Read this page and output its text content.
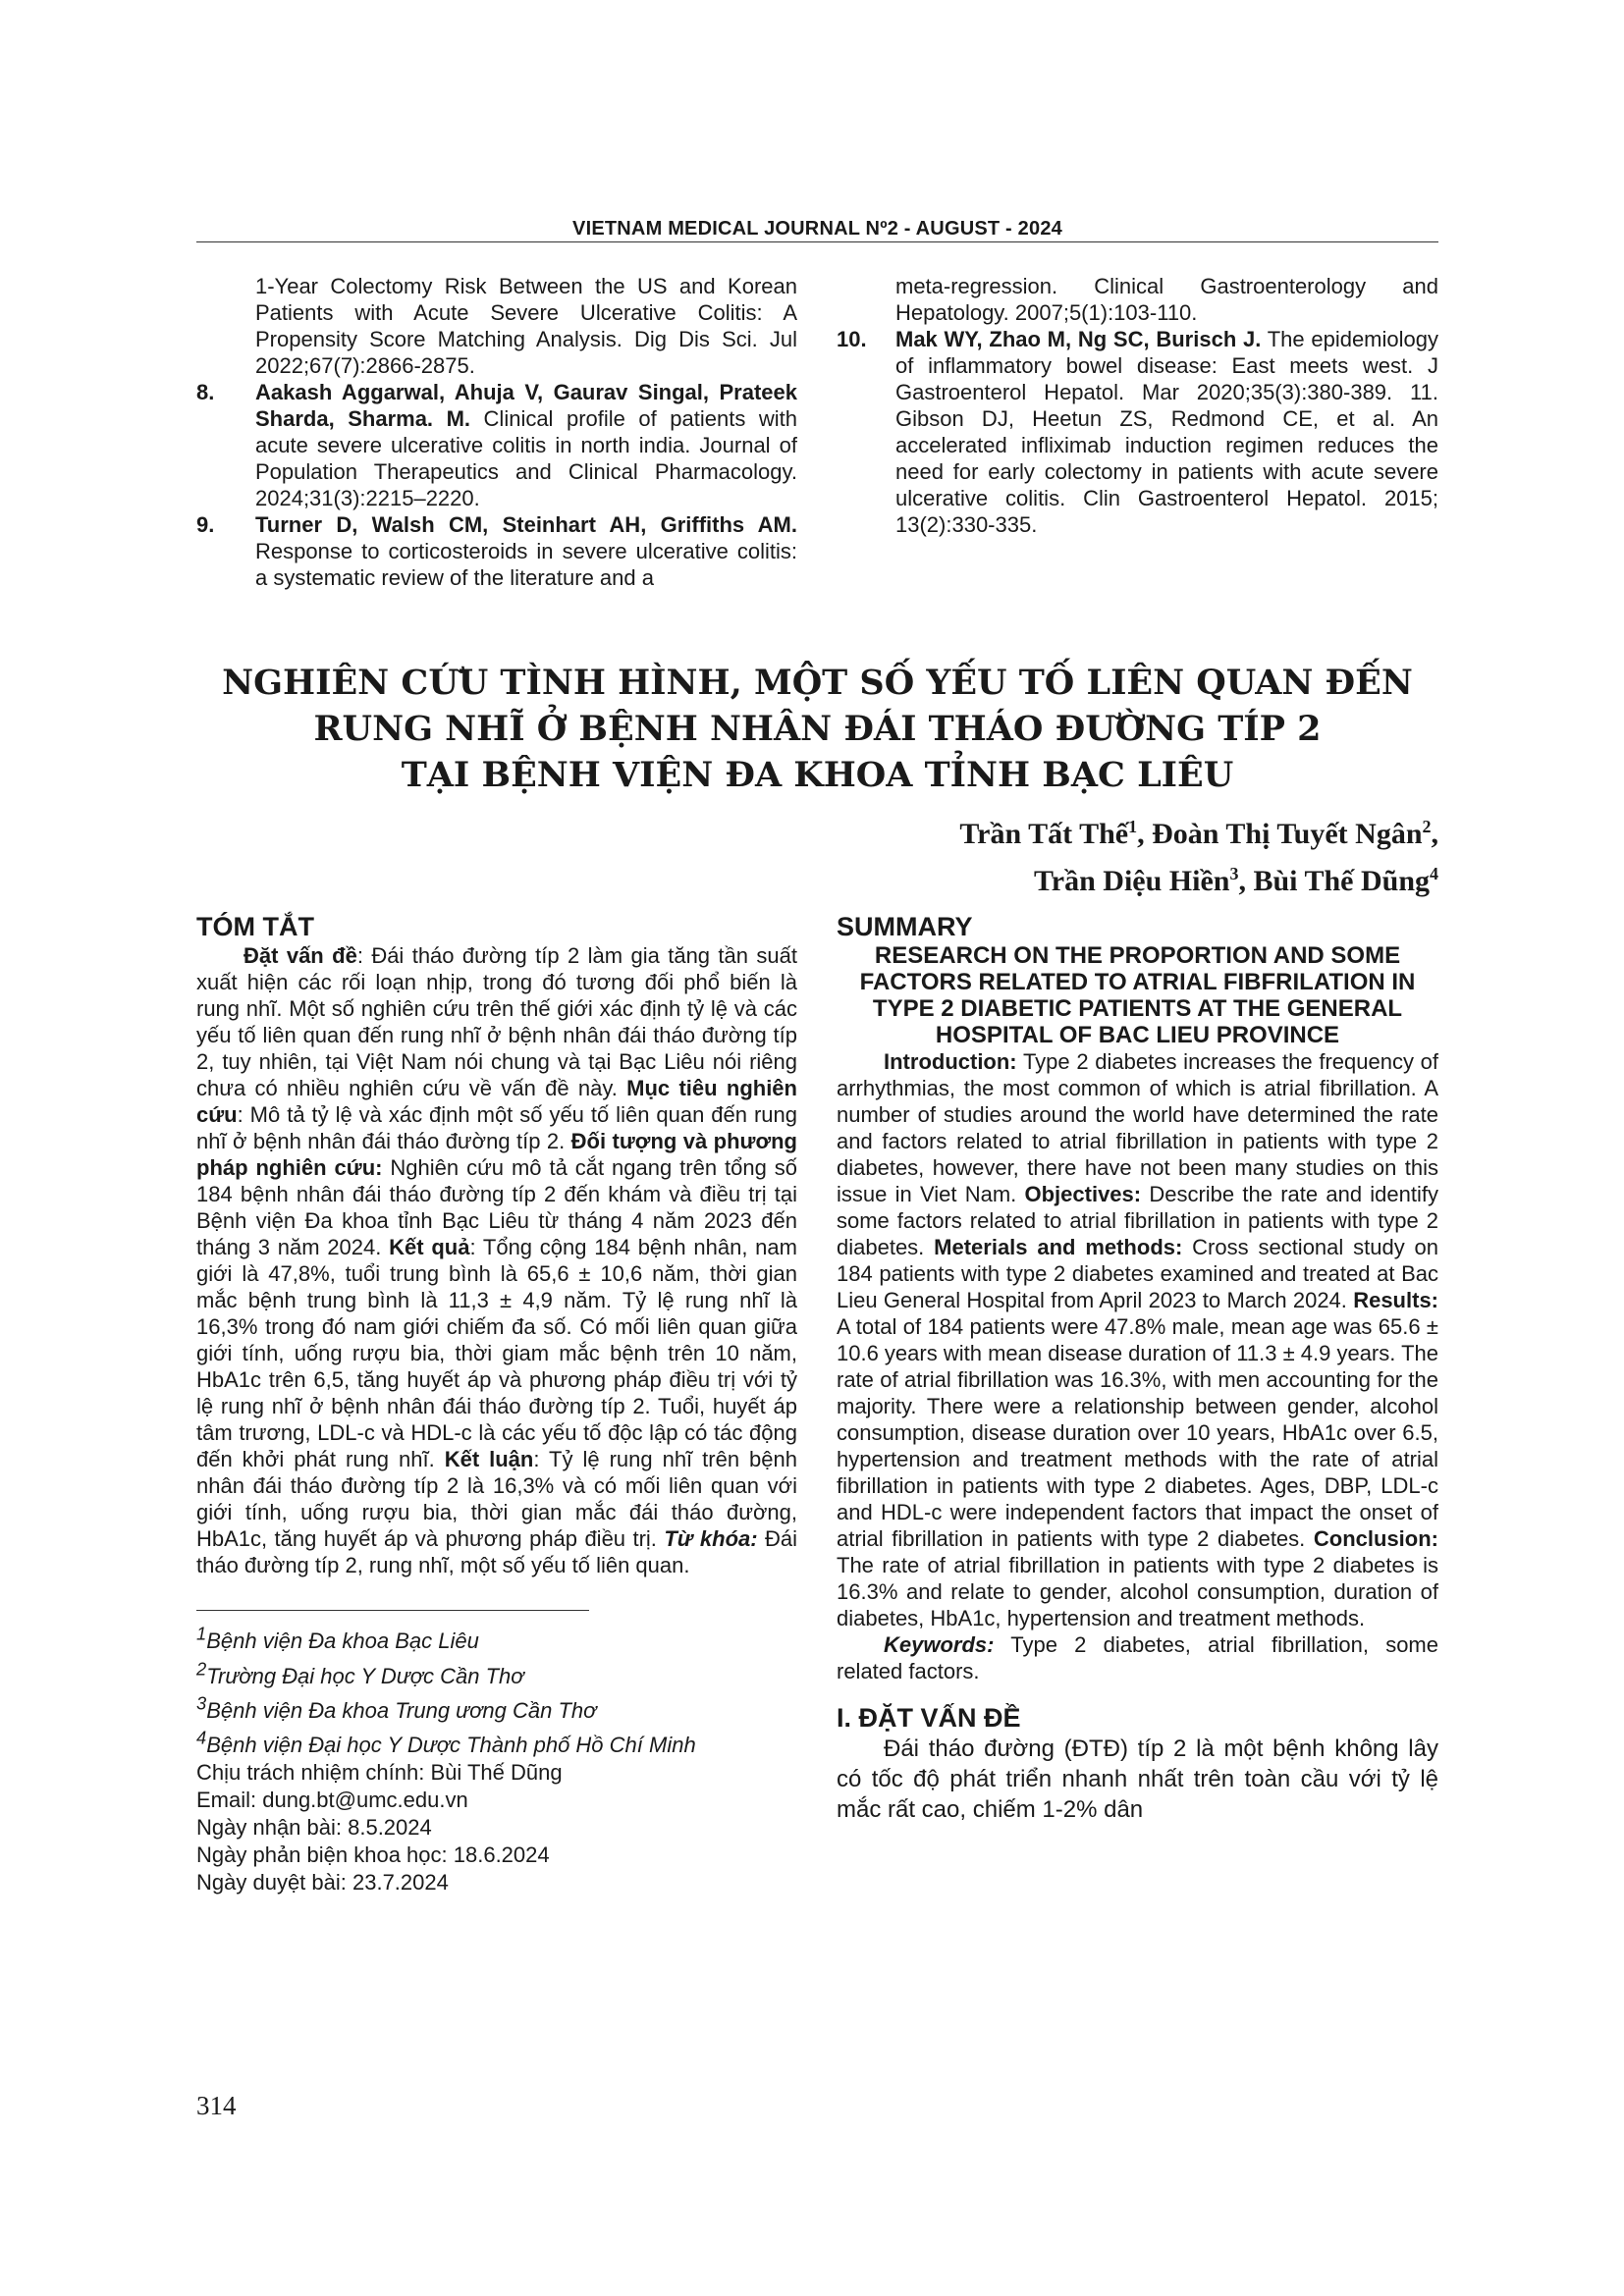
VIETNAM MEDICAL JOURNAL Nº2 - AUGUST - 2024
1-Year Colectomy Risk Between the US and Korean Patients with Acute Severe Ulcerative Colitis: A Propensity Score Matching Analysis. Dig Dis Sci. Jul 2022;67(7):2866-2875.
8.	Aakash Aggarwal, Ahuja V, Gaurav Singal, Prateek Sharda, Sharma. M. Clinical profile of patients with acute severe ulcerative colitis in north india. Journal of Population Therapeutics and Clinical Pharmacology. 2024;31(3):2215–2220.
9.	Turner D, Walsh CM, Steinhart AH, Griffiths AM. Response to corticosteroids in severe ulcerative colitis: a systematic review of the literature and a
meta-regression. Clinical Gastroenterology and Hepatology. 2007;5(1):103-110.
10.	Mak WY, Zhao M, Ng SC, Burisch J. The epidemiology of inflammatory bowel disease: East meets west. J Gastroenterol Hepatol. Mar 2020;35(3):380-389. 11. Gibson DJ, Heetun ZS, Redmond CE, et al. An accelerated infliximab induction regimen reduces the need for early colectomy in patients with acute severe ulcerative colitis. Clin Gastroenterol Hepatol. 2015; 13(2):330-335.
NGHIÊN CỨU TÌNH HÌNH, MỘT SỐ YẾU TỐ LIÊN QUAN ĐẾN
RUNG NHĨ Ở BỆNH NHÂN ĐÁI THÁO ĐƯỜNG TÍP 2
TẠI BỆNH VIỆN ĐA KHOA TỈNH BẠC LIÊU
Trần Tất Thế$^1$, Đoàn Thị Tuyết Ngân$^2$,
Trần Diệu Hiền$^3$, Bùi Thế Dũng$^4$
TÓM TẮT
Đặt vấn đề: Đái tháo đường típ 2 làm gia tăng tần suất xuất hiện các rối loạn nhịp, trong đó tương đối phổ biến là rung nhĩ. Một số nghiên cứu trên thế giới xác định tỷ lệ và các yếu tố liên quan đến rung nhĩ ở bệnh nhân đái tháo đường típ 2, tuy nhiên, tại Việt Nam nói chung và tại Bạc Liêu nói riêng chưa có nhiều nghiên cứu về vấn đề này. Mục tiêu nghiên cứu: Mô tả tỷ lệ và xác định một số yếu tố liên quan đến rung nhĩ ở bệnh nhân đái tháo đường típ 2. Đối tượng và phương pháp nghiên cứu: Nghiên cứu mô tả cắt ngang trên tổng số 184 bệnh nhân đái tháo đường típ 2 đến khám và điều trị tại Bệnh viện Đa khoa tỉnh Bạc Liêu từ tháng 4 năm 2023 đến tháng 3 năm 2024. Kết quả: Tổng cộng 184 bệnh nhân, nam giới là 47,8%, tuổi trung bình là 65,6 ± 10,6 năm, thời gian mắc bệnh trung bình là 11,3 ± 4,9 năm. Tỷ lệ rung nhĩ là 16,3% trong đó nam giới chiếm đa số. Có mối liên quan giữa giới tính, uống rượu bia, thời giam mắc bệnh trên 10 năm, HbA1c trên 6,5, tăng huyết áp và phương pháp điều trị với tỷ lệ rung nhĩ ở bệnh nhân đái tháo đường típ 2. Tuổi, huyết áp tâm trương, LDL-c và HDL-c là các yếu tố độc lập có tác động đến khởi phát rung nhĩ. Kết luận: Tỷ lệ rung nhĩ trên bệnh nhân đái tháo đường típ 2 là 16,3% và có mối liên quan với giới tính, uống rượu bia, thời gian mắc đái tháo đường, HbA1c, tăng huyết áp và phương pháp điều trị. Từ khóa: Đái tháo đường típ 2, rung nhĩ, một số yếu tố liên quan.
$^1$Bệnh viện Đa khoa Bạc Liêu
$^2$Trường Đại học Y Dược Cần Thơ
$^3$Bệnh viện Đa khoa Trung ương Cần Thơ
$^4$Bệnh viện Đại học Y Dược Thành phố Hồ Chí Minh
Chịu trách nhiệm chính: Bùi Thế Dũng
Email: dung.bt@umc.edu.vn
Ngày nhận bài: 8.5.2024
Ngày phản biện khoa học: 18.6.2024
Ngày duyệt bài: 23.7.2024
SUMMARY
RESEARCH ON THE PROPORTION AND SOME FACTORS RELATED TO ATRIAL FIBFRILATION IN TYPE 2 DIABETIC PATIENTS AT THE GENERAL HOSPITAL OF BAC LIEU PROVINCE
Introduction: Type 2 diabetes increases the frequency of arrhythmias, the most common of which is atrial fibrillation. A number of studies around the world have determined the rate and factors related to atrial fibrillation in patients with type 2 diabetes, however, there have not been many studies on this issue in Viet Nam. Objectives: Describe the rate and identify some factors related to atrial fibrillation in patients with type 2 diabetes. Meterials and methods: Cross sectional study on 184 patients with type 2 diabetes examined and treated at Bac Lieu General Hospital from April 2023 to March 2024. Results: A total of 184 patients were 47.8% male, mean age was 65.6 ± 10.6 years with mean disease duration of 11.3 ± 4.9 years. The rate of atrial fibrillation was 16.3%, with men accounting for the majority. There were a relationship between gender, alcohol consumption, disease duration over 10 years, HbA1c over 6.5, hypertension and treatment methods with the rate of atrial fibrillation in patients with type 2 diabetes. Ages, DBP, LDL-c and HDL-c were independent factors that impact the onset of atrial fibrillation in patients with type 2 diabetes. Conclusion: The rate of atrial fibrillation in patients with type 2 diabetes is 16.3% and relate to gender, alcohol consumption, duration of diabetes, HbA1c, hypertension and treatment methods.
Keywords: Type 2 diabetes, atrial fibrillation, some related factors.
I. ĐẶT VẤN ĐỀ
Đái tháo đường (ĐTĐ) típ 2 là một bệnh không lây có tốc độ phát triển nhanh nhất trên toàn cầu với tỷ lệ mắc rất cao, chiếm 1-2% dân
314
